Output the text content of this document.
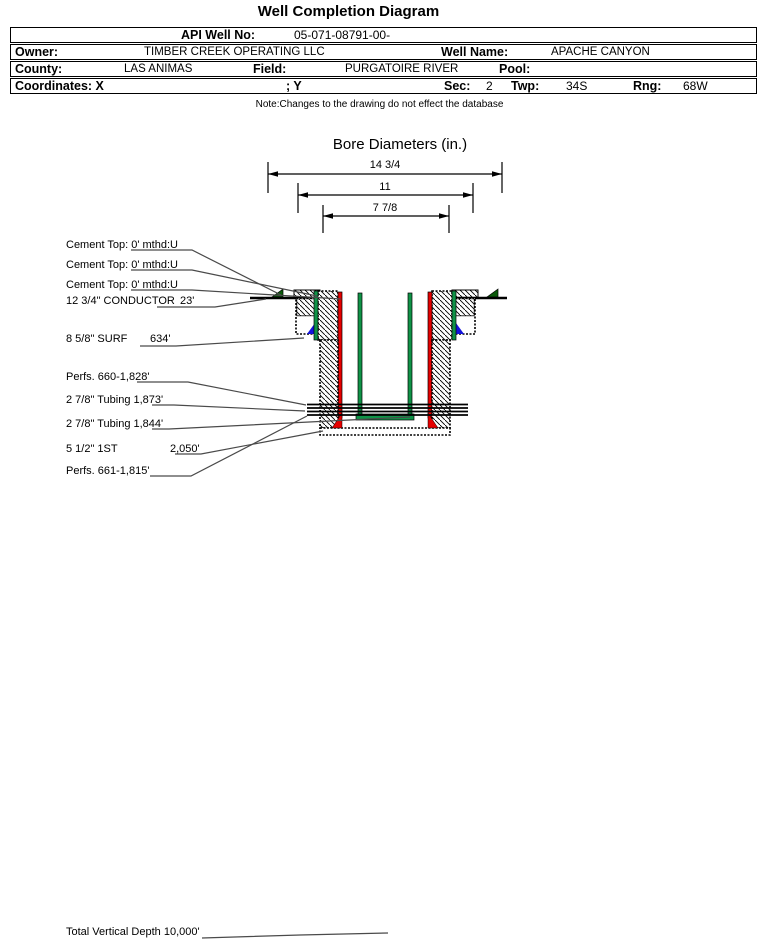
Well Completion Diagram
API Well No:	05-071-08791-00-
Owner:	TIMBER CREEK OPERATING LLC	Well Name:	APACHE CANYON
County:	LAS ANIMAS	Field:	PURGATOIRE RIVER	Pool:
Coordinates: X	; Y	Sec: 2 Twp: 34S	Rng: 68W
Note:Changes to the drawing do not effect the database
Bore Diameters (in.)
14 3/4
11
7 7/8
Cement Top: 0' mthd:U
Cement Top: 0' mthd:U
Cement Top: 0' mthd:U
12 3/4" CONDUCTOR 23'
8 5/8" SURF 634'
Perfs. 660-1,828'
2 7/8" Tubing 1,873'
2 7/8" Tubing 1,844'
5 1/2" 1ST	2,050'
Perfs. 661-1,815'
Total Vertical Depth 10,000'
